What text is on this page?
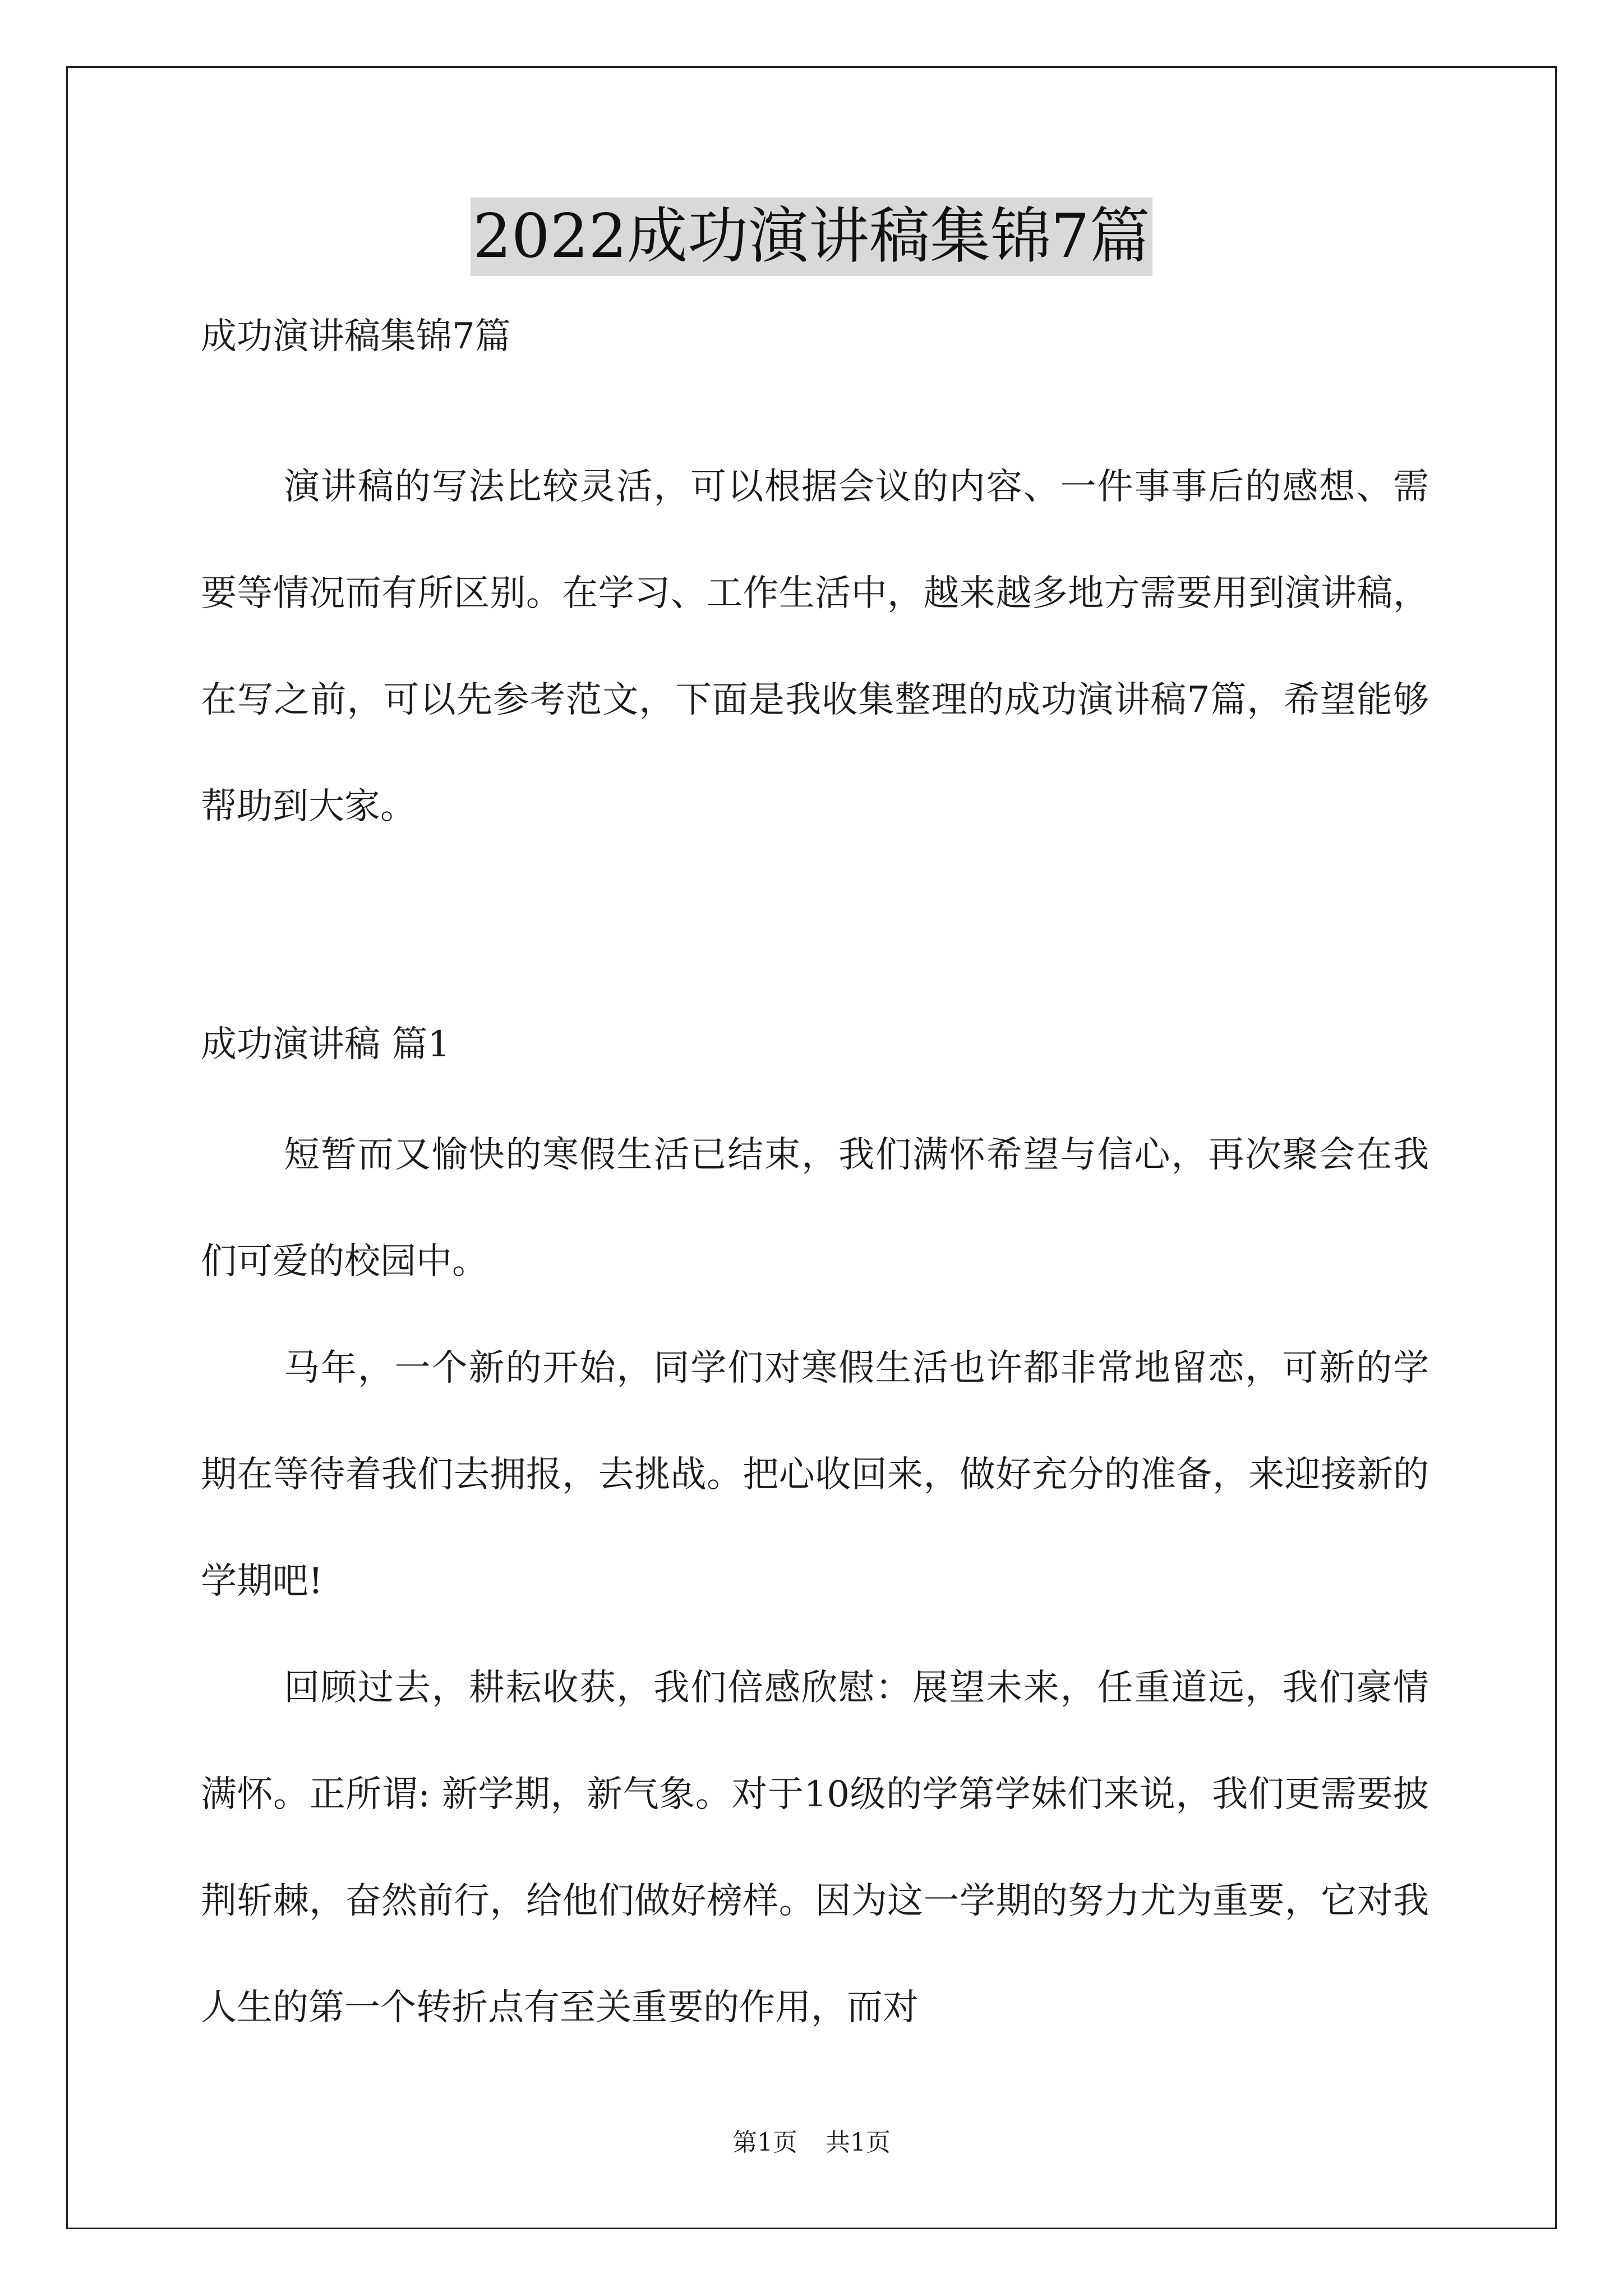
2022成功演讲稿集锦7篇
成功演讲稿集锦7篇

演讲稿的写法比较灵活，可以根据会议的内容、一件事事后的感想、需要等情况而有所区别。在学习、工作生活中，越来越多地方需要用到演讲稿，在写之前，可以先参考范文，下面是我收集整理的成功演讲稿7篇，希望能够帮助到大家。

成功演讲稿 篇1

短暂而又愉快的寒假生活已结束，我们满怀希望与信心，再次聚会在我们可爱的校园中。

马年，一个新的开始，同学们对寒假生活也许都非常地留恋，可新的学期在等待着我们去拥报，去挑战。把心收回来，做好充分的准备，来迎接新的学期吧!

回顾过去，耕耘收获，我们倍感欣慰：展望未来，任重道远，我们豪情满怀。正所谓: 新学期，新气象。对于10级的学第学妹们来说，我们更需要披荆斩棘，奋然前行，给他们做好榜样。因为这一学期的努力尤为重要，它对我人生的第一个转折点有至关重要的作用，而对

第1页 共1页
